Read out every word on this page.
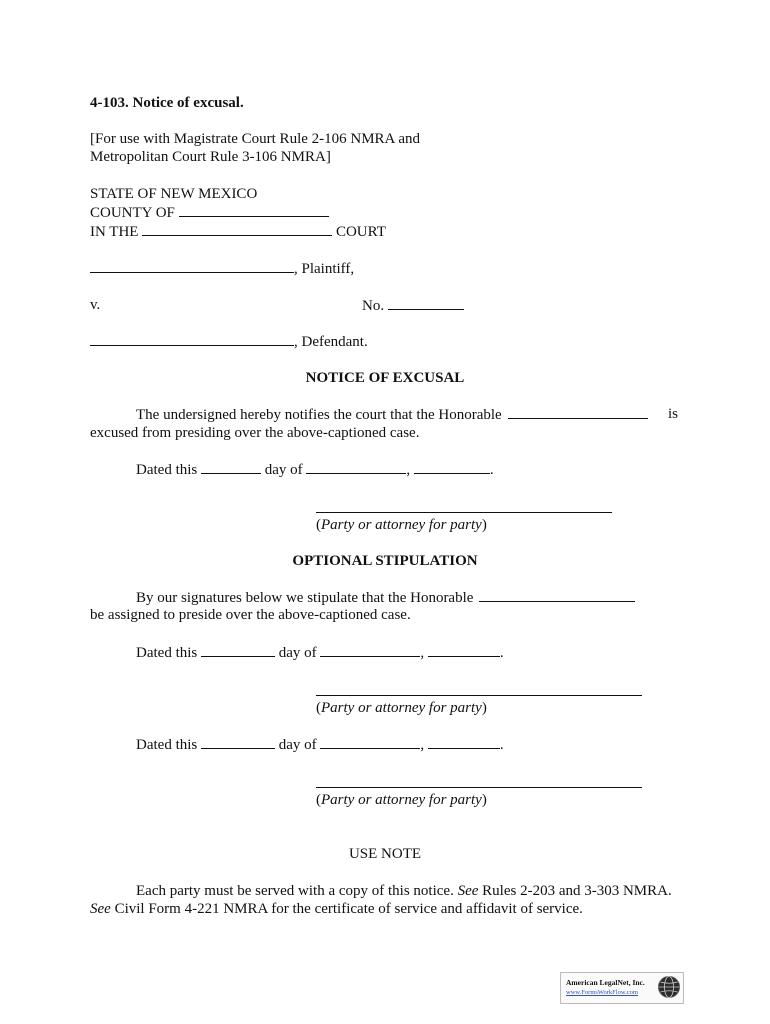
4-103. Notice of excusal.
[For use with Magistrate Court Rule 2-106 NMRA and
Metropolitan Court Rule 3-106 NMRA]
STATE OF NEW MEXICO
COUNTY OF
IN THE	COURT
, Plaintiff,
v.	No.
, Defendant.
NOTICE OF EXCUSAL
The undersigned hereby notifies the court that the Honorable	is
excused from presiding over the above-captioned case.
Dated this	day of	,	.
(Party or attorney for party)
OPTIONAL STIPULATION
By our signatures below we stipulate that the Honorable
be assigned to preside over the above-captioned case.
Dated this	day of	,	.
(Party or attorney for party)
Dated this	day of	,	.
(Party or attorney for party)
USE NOTE
Each party must be served with a copy of this notice. See Rules 2-203 and 3-303 NMRA.
See Civil Form 4-221 NMRA for the certificate of service and affidavit of service.
American LegalNet, Inc.
www.FormsWorkFlow.com
